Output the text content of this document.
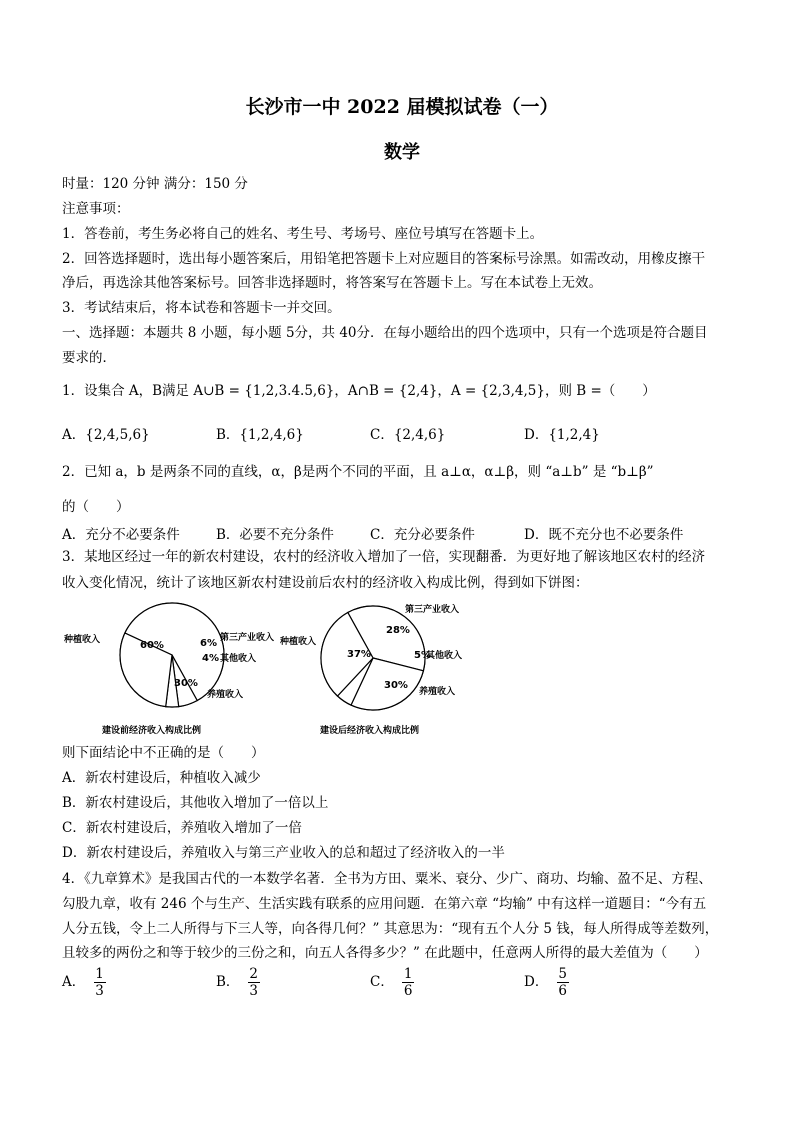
长沙市一中 2022 届模拟试卷（一）
数学
时量：120 分钟 满分：150 分
注意事项：
1．答卷前，考生务必将自己的姓名、考生号、考场号、座位号填写在答题卡上。
2．回答选择题时，选出每小题答案后，用铅笔把答题卡上对应题目的答案标号涂黑。如需改动，用橡皮擦干
净后，再选涂其他答案标号。回答非选择题时，将答案写在答题卡上。写在本试卷上无效。
3．考试结束后，将本试卷和答题卡一并交回。
一、选择题：本题共 8 小题，每小题 5分，共 40分．在每小题给出的四个选项中，只有一个选项是符合题目
要求的．
1．设集合 A，B满足 A∪B = {1,2,3.4.5,6}，A∩B = {2,4}，A = {2,3,4,5}，则 B =（　　）
A．{2,4,5,6}	B．{1,2,4,6}	C．{2,4,6}	D．{1,2,4}
2．已知 a，b 是两条不同的直线，α，β是两个不同的平面，且 a⊥α，α⊥β，则 “a⊥b” 是 “b⊥β”
的（　　）
A．充分不必要条件	B．必要不充分条件	C．充分必要条件	D．既不充分也不必要条件
3．某地区经过一年的新农村建设，农村的经济收入增加了一倍，实现翻番．为更好地了解该地区农村的经济
收入变化情况，统计了该地区新农村建设前后农村的经济收入构成比例，得到如下饼图：
60%	6%
4%
30%
种植收入	第三产业收入
其他收入
养殖收入
建设前经济收入构成比例
37%
28%
5%
30%
种植收入
第三产业收入
其他收入
养殖收入
建设后经济收入构成比例
则下面结论中不正确的是（　　）
A．新农村建设后，种植收入减少
B．新农村建设后，其他收入增加了一倍以上
C．新农村建设后，养殖收入增加了一倍
D．新农村建设后，养殖收入与第三产业收入的总和超过了经济收入的一半
4．《九章算术》是我国古代的一本数学名著．全书为方田、粟米、衰分、少广、商功、均输、盈不足、方程、
勾股九章，收有 246 个与生产、生活实践有联系的应用问题．在第六章 “均输” 中有这样一道题目：“今有五
人分五钱，令上二人所得与下三人等，向各得几何？” 其意思为：“现有五个人分 5 钱，每人所得成等差数列，
且较多的两份之和等于较少的三份之和，向五人各得多少？” 在此题中，任意两人所得的最大差值为（　　）
A． $\frac{1}{3}$	B． $\frac{2}{3}$	C． $\frac{1}{6}$	D． $\frac{5}{6}$
